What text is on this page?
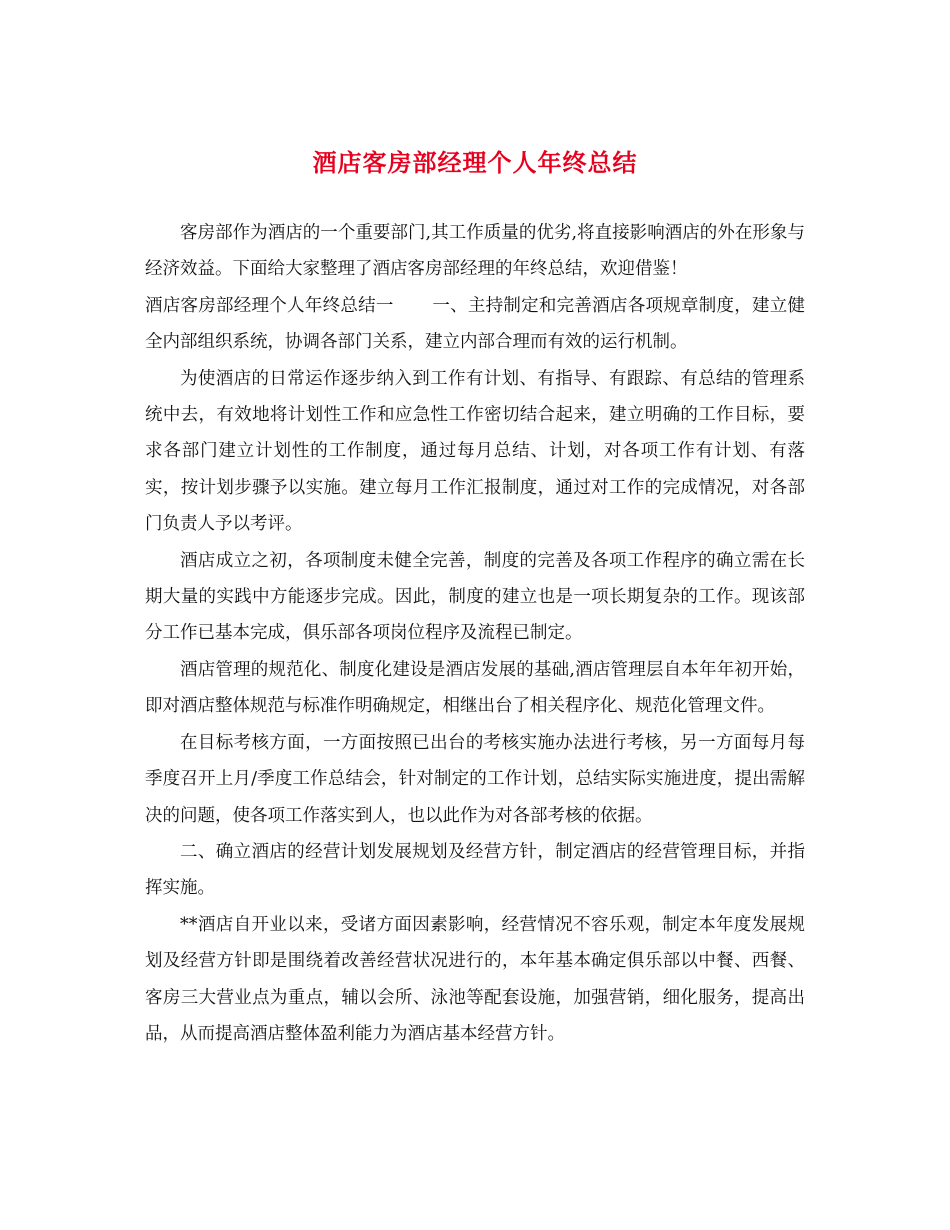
酒店客房部经理个人年终总结

客房部作为酒店的一个重要部门,其工作质量的优劣,将直接影响酒店的外在形象与经济效益。下面给大家整理了酒店客房部经理的年终总结，欢迎借鉴！

酒店客房部经理个人年终总结一 一、主持制定和完善酒店各项规章制度，建立健全内部组织系统，协调各部门关系，建立内部合理而有效的运行机制。

为使酒店的日常运作逐步纳入到工作有计划、有指导、有跟踪、有总结的管理系统中去，有效地将计划性工作和应急性工作密切结合起来，建立明确的工作目标，要求各部门建立计划性的工作制度，通过每月总结、计划，对各项工作有计划、有落实，按计划步骤予以实施。建立每月工作汇报制度，通过对工作的完成情况，对各部门负责人予以考评。

酒店成立之初，各项制度未健全完善，制度的完善及各项工作程序的确立需在长期大量的实践中方能逐步完成。因此，制度的建立也是一项长期复杂的工作。现该部分工作已基本完成，俱乐部各项岗位程序及流程已制定。

酒店管理的规范化、制度化建设是酒店发展的基础,酒店管理层自本年年初开始，即对酒店整体规范与标准作明确规定，相继出台了相关程序化、规范化管理文件。

在目标考核方面，一方面按照已出台的考核实施办法进行考核，另一方面每月每季度召开上月/季度工作总结会，针对制定的工作计划，总结实际实施进度，提出需解决的问题，使各项工作落实到人，也以此作为对各部考核的依据。

二、确立酒店的经营计划发展规划及经营方针，制定酒店的经营管理目标，并指挥实施。

**酒店自开业以来，受诸方面因素影响，经营情况不容乐观，制定本年度发展规划及经营方针即是围绕着改善经营状况进行的，本年基本确定俱乐部以中餐、西餐、客房三大营业点为重点，辅以会所、泳池等配套设施，加强营销，细化服务，提高出品，从而提高酒店整体盈利能力为酒店基本经营方针。
